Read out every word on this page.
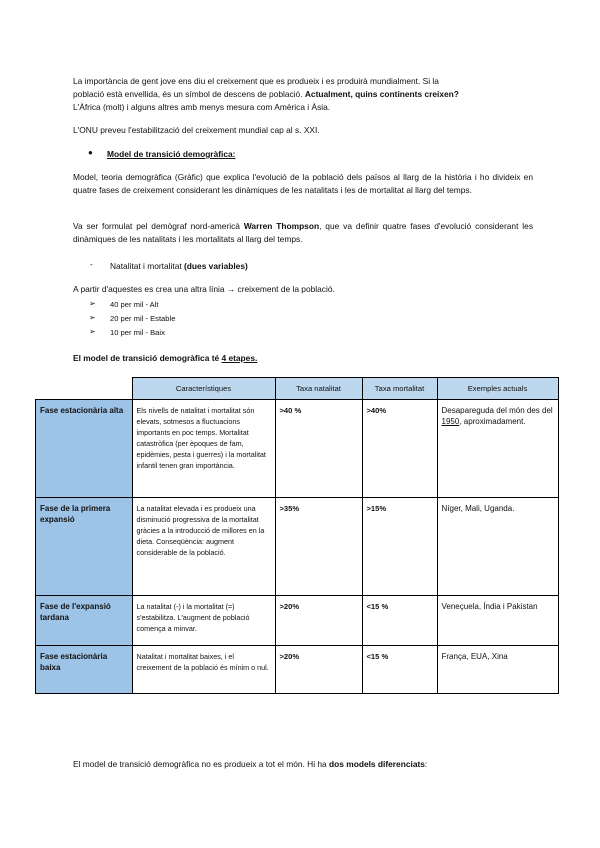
La importància de gent jove ens diu el creixement que es produeix i es produirà mundialment. Si la
població està envellida, és un símbol de descens de població. Actualment, quins continents creixen?
L'Àfrica (molt) i alguns altres amb menys mesura com Amèrica i Àsia.
L'ONU preveu l'estabilització del creixement mundial cap al s. XXI.
● Model de transició demogràfica:
Model, teoria demogràfica (Gràfic) que explica l'evolució de la població dels països al llarg de la història i ho divideix en quatre fases de creixement considerant les dinàmiques de les natalitats i les de mortalitat al llarg del temps.
Va ser formulat pel demògraf nord-americà Warren Thompson, que va definir quatre fases d'evolució considerant les dinàmiques de les natalitats i les mortalitats al llarg del temps.
- Natalitat i mortalitat (dues variables)
A partir d'aquestes es crea una altra línia → creixement de la població.
➢ 40 per mil - Alt
➢ 20 per mil - Estable
➢ 10 per mil - Baix
El model de transició demogràfica té 4 etapes.
	Característiques	Taxa natalitat	Taxa mortalitat	Exemples actuals
Fase estacionària alta	Els nivells de natalitat i mortalitat són elevats, sotmesos a fluctuacions importants en poc temps. Mortalitat catastròfica (per èpoques de fam, epidèmies, pesta i guerres) i la mortalitat infantil tenen gran importància.	>40 %	>40%	Desapareguda del món des del 1950, aproximadament.
Fase de la primera expansió	La natalitat elevada i es produeix una disminució progressiva de la mortalitat gràcies a la introducció de millores en la dieta. Conseqüència: augment considerable de la població.	>35%	>15%	Níger, Mali, Uganda.
Fase de l'expansió tardana	La natalitat (-) i la mortalitat (=) s'estabilitza. L'augment de població comença a minvar.	>20%	<15 %	Veneçuela, Índia i Pakistan
Fase estacionària baixa	Natalitat i mortalitat baixes, i el creixement de la població és mínim o nul.	>20%	<15 %	França, EUA, Xina
El model de transició demogràfica no es produeix a tot el món. Hi ha dos models diferenciats:
